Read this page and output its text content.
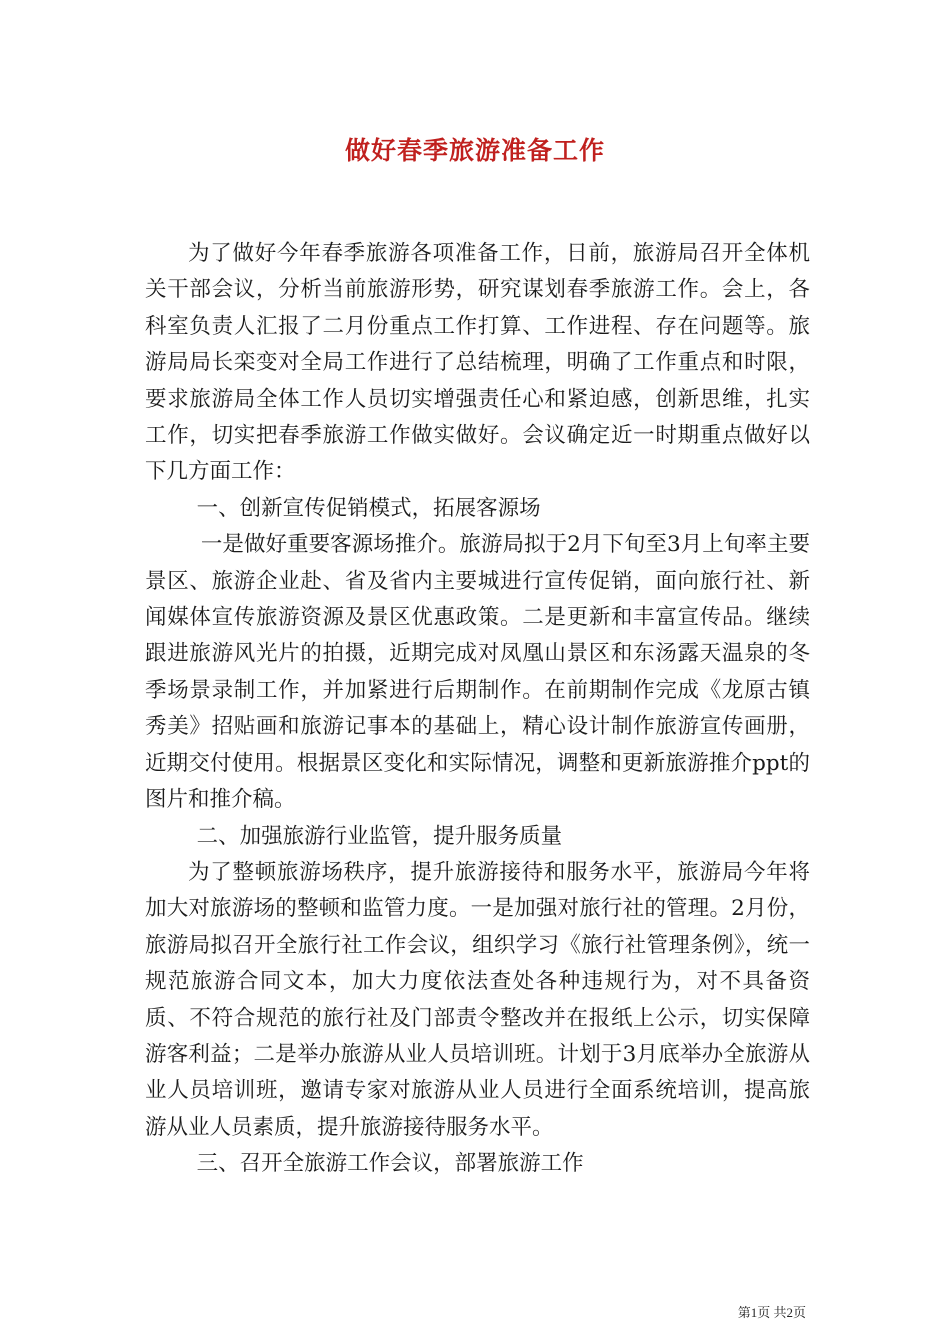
做好春季旅游准备工作

为了做好今年春季旅游各项准备工作，日前，旅游局召开全体机关干部会议，分析当前旅游形势，研究谋划春季旅游工作。会上，各科室负责人汇报了二月份重点工作打算、工作进程、存在问题等。旅游局局长栾变对全局工作进行了总结梳理，明确了工作重点和时限，要求旅游局全体工作人员切实增强责任心和紧迫感，创新思维，扎实工作，切实把春季旅游工作做实做好。会议确定近一时期重点做好以下几方面工作：

一、创新宣传促销模式，拓展客源场

一是做好重要客源场推介。旅游局拟于2月下旬至3月上旬率主要景区、旅游企业赴、省及省内主要城进行宣传促销，面向旅行社、新闻媒体宣传旅游资源及景区优惠政策。二是更新和丰富宣传品。继续跟进旅游风光片的拍摄，近期完成对凤凰山景区和东汤露天温泉的冬季场景录制工作，并加紧进行后期制作。在前期制作完成《龙原古镇秀美》招贴画和旅游记事本的基础上，精心设计制作旅游宣传画册，近期交付使用。根据景区变化和实际情况，调整和更新旅游推介ppt的图片和推介稿。

二、加强旅游行业监管，提升服务质量

为了整顿旅游场秩序，提升旅游接待和服务水平，旅游局今年将加大对旅游场的整顿和监管力度。一是加强对旅行社的管理。2月份，旅游局拟召开全旅行社工作会议，组织学习《旅行社管理条例》，统一规范旅游合同文本，加大力度依法查处各种违规行为，对不具备资质、不符合规范的旅行社及门部责令整改并在报纸上公示，切实保障游客利益；二是举办旅游从业人员培训班。计划于3月底举办全旅游从业人员培训班，邀请专家对旅游从业人员进行全面系统培训，提高旅游从业人员素质，提升旅游接待服务水平。

三、召开全旅游工作会议，部署旅游工作

第1页 共2页
